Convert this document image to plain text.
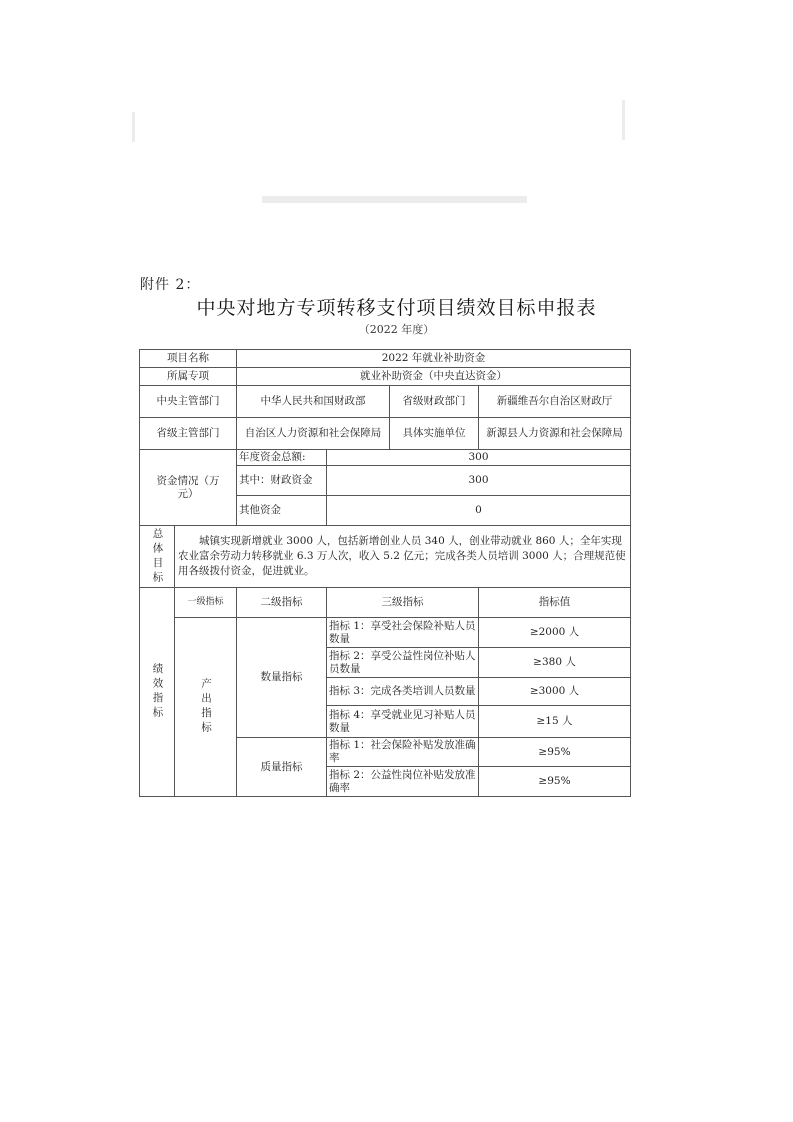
附件 2：
中央对地方专项转移支付项目绩效目标申报表
（2022 年度）
项目名称		2022 年就业补助资金			
所属专项		就业补助资金（中央直达资金）			
中央主管部门		中华人民共和国财政部		省级财政部门	新疆维吾尔自治区财政厅
省级主管部门		自治区人力资源和社会保障局		具体实施单位	新源县人力资源和社会保障局
资金情况（万元）		年度资金总额:	300		
		其中：财政资金	300		
		其他资金	0		

总体目标	城镇实现新增就业 3000 人，包括新增创业人员 340 人，创业带动就业 860 人；全年实现农业富余劳动力转移就业 6.3 万人次，收入 5.2 亿元；完成各类人员培训 3000 人；合理规范使用各级拨付资金，促进就业。				

绩效指标	一级指标	二级指标	三级指标		指标值

	产出指标	数量指标	指标 1：享受社会保险补贴人员数量		≥2000 人
			指标 2：享受公益性岗位补贴人员数量		≥380 人
			指标 3：完成各类培训人员数量		≥3000 人
			指标 4：享受就业见习补贴人员数量		≥15 人
		质量指标	指标 1：社会保险补贴发放准确率		≥95%
			指标 2：公益性岗位补贴发放准确率		≥95%
